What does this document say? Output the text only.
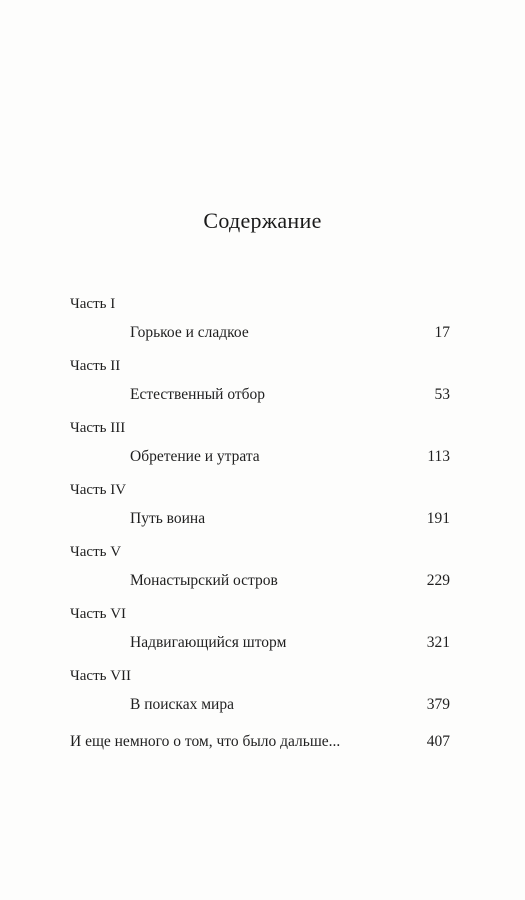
Содержание
Часть I
Горькое и сладкое	17
Часть II
Естественный отбор	53
Часть III
Обретение и утрата	113
Часть IV
Путь воина	191
Часть V
Монастырский остров	229
Часть VI
Надвигающийся шторм	321
Часть VII
В поисках мира	379
И еще немного о том, что было дальше...	407
